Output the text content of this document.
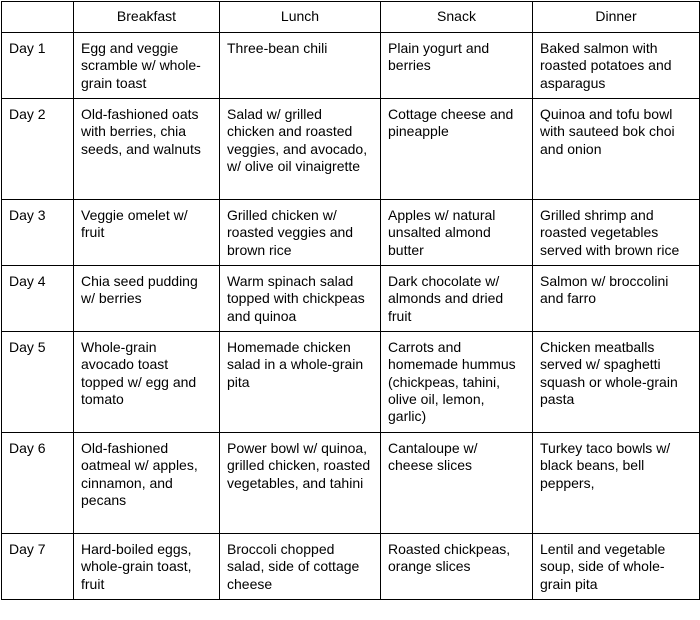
	Breakfast	Lunch	Snack	Dinner
Day 1	Egg and veggie scramble w/ whole-grain toast	Three-bean chili	Plain yogurt and berries	Baked salmon with roasted potatoes and asparagus
Day 2	Old-fashioned oats with berries, chia seeds, and walnuts	Salad w/ grilled chicken and roasted veggies, and avocado, w/ olive oil vinaigrette	Cottage cheese and pineapple	Quinoa and tofu bowl with sauteed bok choi and onion
Day 3	Veggie omelet w/ fruit	Grilled chicken w/ roasted veggies and brown rice	Apples w/ natural unsalted almond butter	Grilled shrimp and roasted vegetables served with brown rice
Day 4	Chia seed pudding w/ berries	Warm spinach salad topped with chickpeas and quinoa	Dark chocolate w/ almonds and dried fruit	Salmon w/ broccolini and farro
Day 5	Whole-grain avocado toast topped w/ egg and tomato	Homemade chicken salad in a whole-grain pita	Carrots and homemade hummus (chickpeas, tahini, olive oil, lemon, garlic)	Chicken meatballs served w/ spaghetti squash or whole-grain pasta
Day 6	Old-fashioned oatmeal w/ apples, cinnamon, and pecans	Power bowl w/ quinoa, grilled chicken, roasted vegetables, and tahini	Cantaloupe w/ cheese slices	Turkey taco bowls w/ black beans, bell peppers,
Day 7	Hard-boiled eggs, whole-grain toast, fruit	Broccoli chopped salad, side of cottage cheese	Roasted chickpeas, orange slices	Lentil and vegetable soup, side of whole-grain pita
